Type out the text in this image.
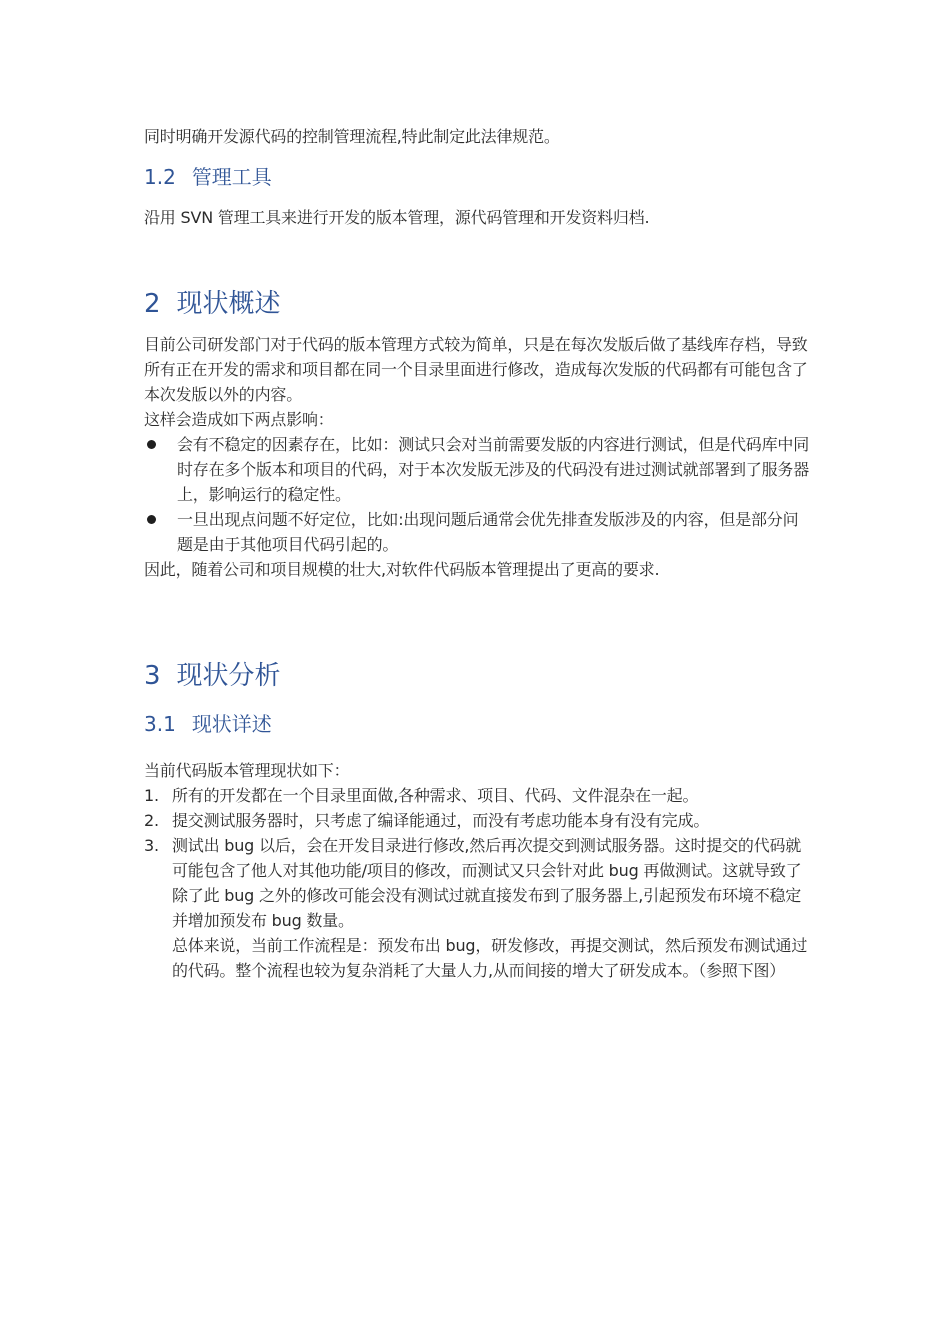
同时明确开发源代码的控制管理流程,特此制定此法律规范。

1.2 管理工具

沿用 SVN 管理工具来进行开发的版本管理，源代码管理和开发资料归档.

2 现状概述

目前公司研发部门对于代码的版本管理方式较为简单，只是在每次发版后做了基线库存档，导致所有正在开发的需求和项目都在同一个目录里面进行修改，造成每次发版的代码都有可能包含了本次发版以外的内容。

这样会造成如下两点影响：

会有不稳定的因素存在，比如：测试只会对当前需要发版的内容进行测试，但是代码库中同时存在多个版本和项目的代码，对于本次发版无涉及的代码没有进过测试就部署到了服务器上，影响运行的稳定性。
一旦出现点问题不好定位，比如:出现问题后通常会优先排查发版涉及的内容，但是部分问题是由于其他项目代码引起的。

因此，随着公司和项目规模的壮大,对软件代码版本管理提出了更高的要求.

3 现状分析
3.1 现状详述

当前代码版本管理现状如下：

1. 所有的开发都在一个目录里面做,各种需求、项目、代码、文件混杂在一起。
2. 提交测试服务器时，只考虑了编译能通过，而没有考虑功能本身有没有完成。
3. 测试出 bug 以后，会在开发目录进行修改,然后再次提交到测试服务器。这时提交的代码就可能包含了他人对其他功能/项目的修改，而测试又只会针对此 bug 再做测试。这就导致了除了此 bug 之外的修改可能会没有测试过就直接发布到了服务器上,引起预发布环境不稳定并增加预发布 bug 数量。

总体来说，当前工作流程是：预发布出 bug，研发修改，再提交测试，然后预发布测试通过的代码。整个流程也较为复杂消耗了大量人力,从而间接的增大了研发成本。（参照下图）
